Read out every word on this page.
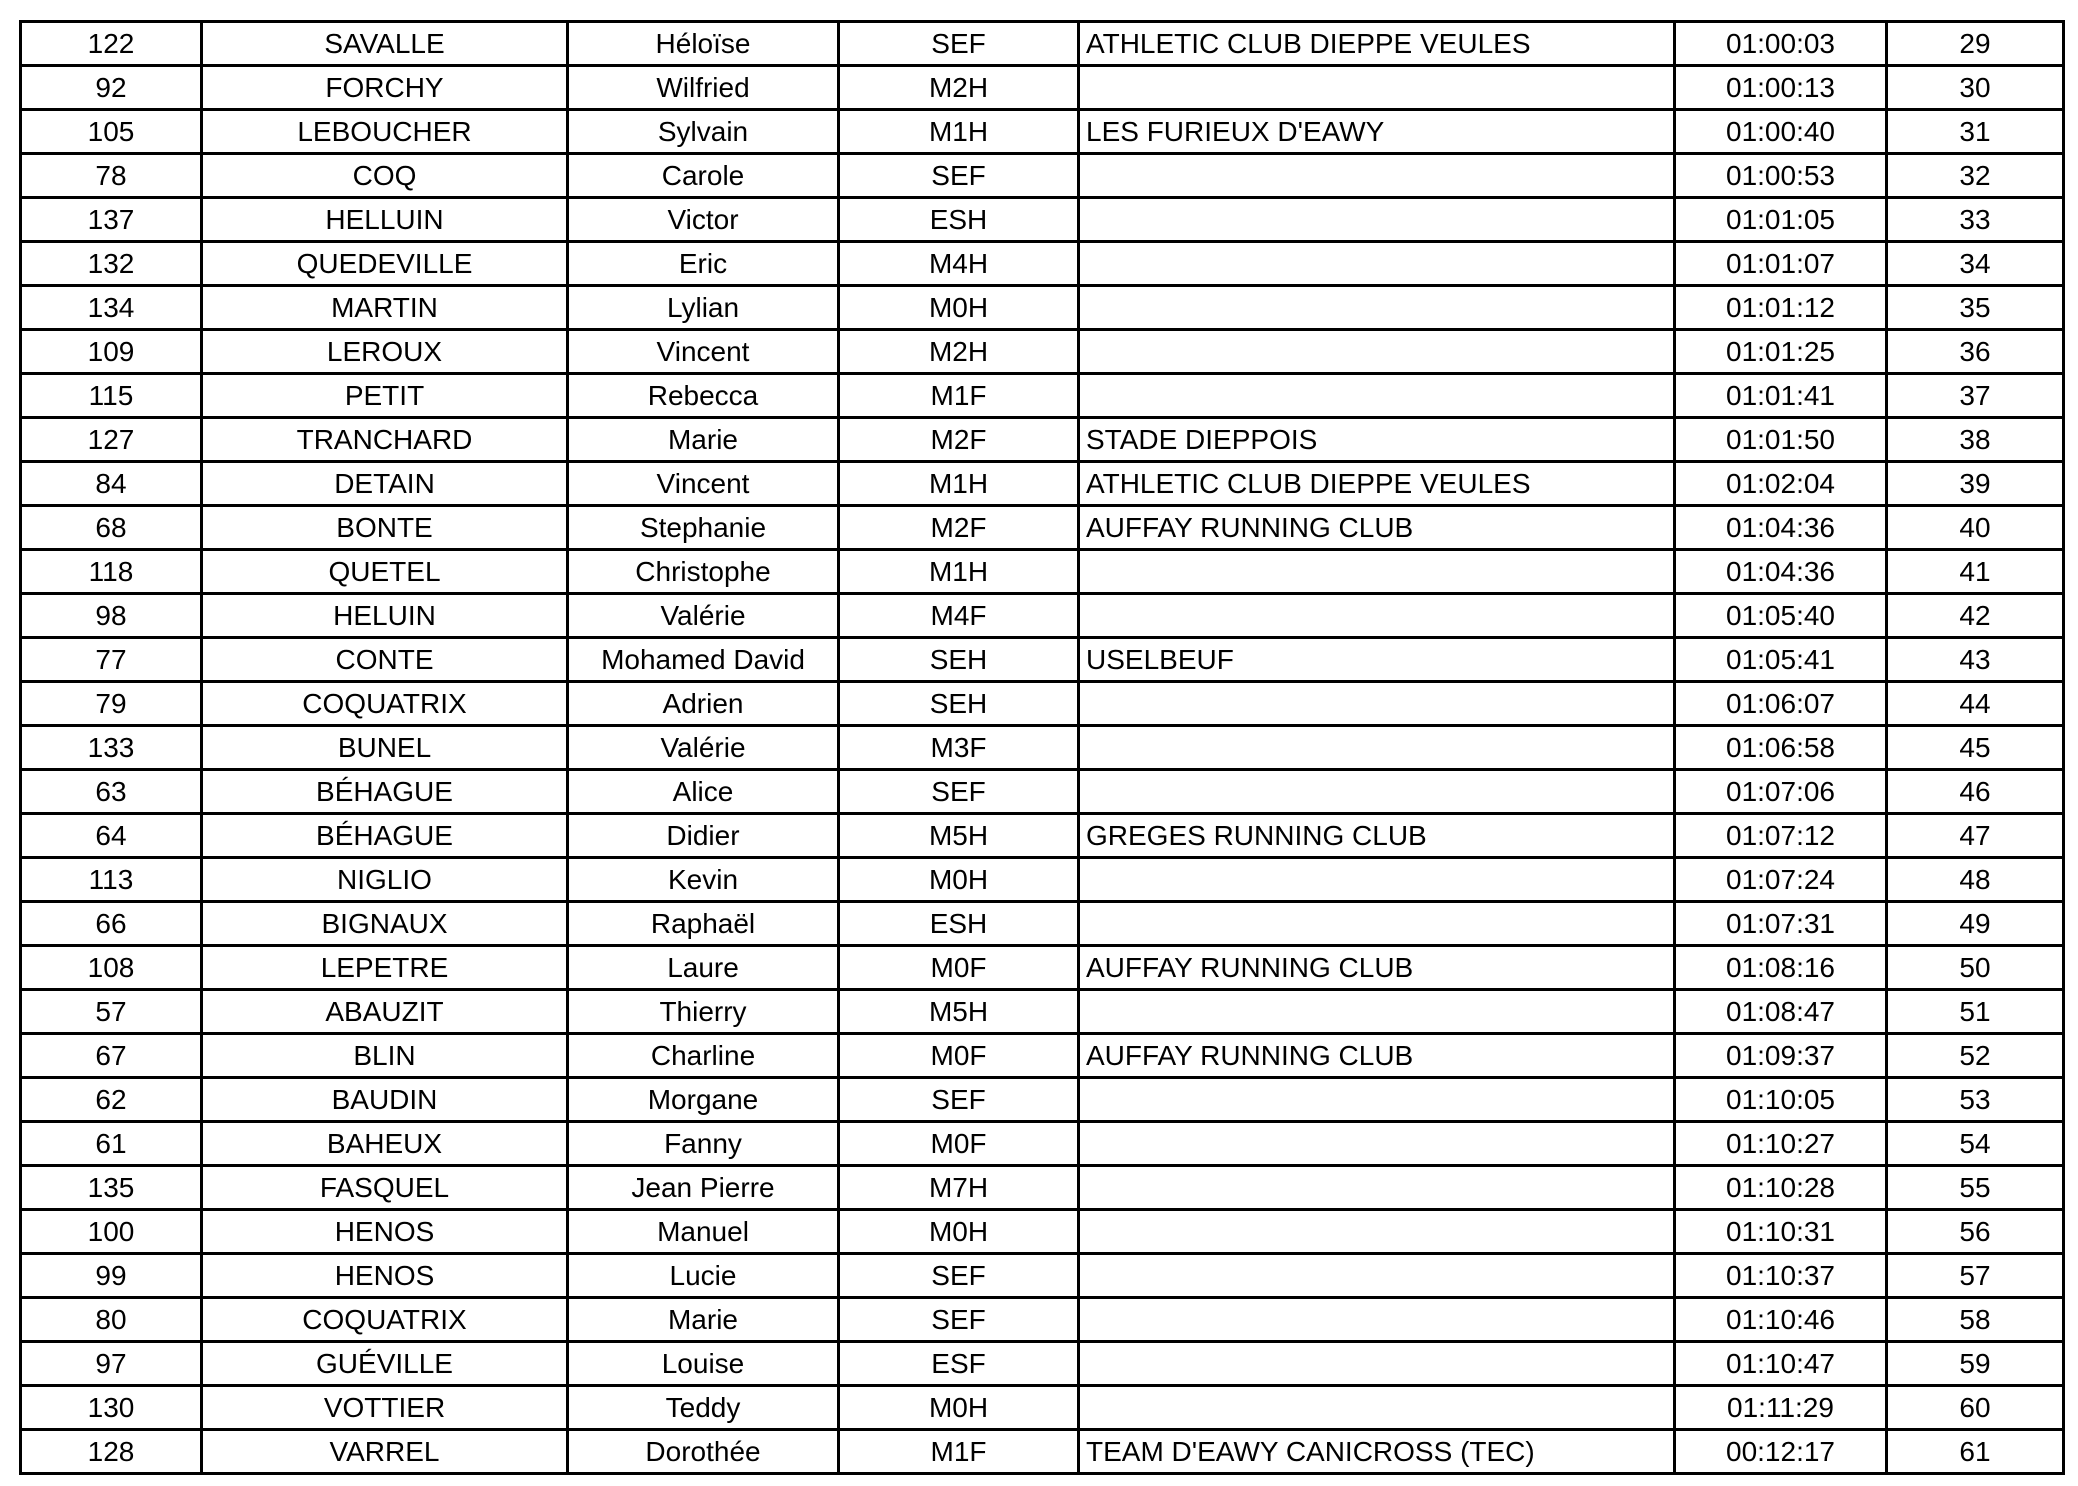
122	SAVALLE	Héloïse	SEF	ATHLETIC CLUB DIEPPE VEULES	01:00:03	29
92	FORCHY	Wilfried	M2H		01:00:13	30
105	LEBOUCHER	Sylvain	M1H	LES FURIEUX D'EAWY	01:00:40	31
78	COQ	Carole	SEF		01:00:53	32
137	HELLUIN	Victor	ESH		01:01:05	33
132	QUEDEVILLE	Eric	M4H		01:01:07	34
134	MARTIN	Lylian	M0H		01:01:12	35
109	LEROUX	Vincent	M2H		01:01:25	36
115	PETIT	Rebecca	M1F		01:01:41	37
127	TRANCHARD	Marie	M2F	STADE DIEPPOIS	01:01:50	38
84	DETAIN	Vincent	M1H	ATHLETIC CLUB DIEPPE VEULES	01:02:04	39
68	BONTE	Stephanie	M2F	AUFFAY RUNNING CLUB	01:04:36	40
118	QUETEL	Christophe	M1H		01:04:36	41
98	HELUIN	Valérie	M4F		01:05:40	42
77	CONTE	Mohamed David	SEH	USELBEUF	01:05:41	43
79	COQUATRIX	Adrien	SEH		01:06:07	44
133	BUNEL	Valérie	M3F		01:06:58	45
63	BÉHAGUE	Alice	SEF		01:07:06	46
64	BÉHAGUE	Didier	M5H	GREGES RUNNING CLUB	01:07:12	47
113	NIGLIO	Kevin	M0H		01:07:24	48
66	BIGNAUX	Raphaël	ESH		01:07:31	49
108	LEPETRE	Laure	M0F	AUFFAY RUNNING CLUB	01:08:16	50
57	ABAUZIT	Thierry	M5H		01:08:47	51
67	BLIN	Charline	M0F	AUFFAY RUNNING CLUB	01:09:37	52
62	BAUDIN	Morgane	SEF		01:10:05	53
61	BAHEUX	Fanny	M0F		01:10:27	54
135	FASQUEL	Jean Pierre	M7H		01:10:28	55
100	HENOS	Manuel	M0H		01:10:31	56
99	HENOS	Lucie	SEF		01:10:37	57
80	COQUATRIX	Marie	SEF		01:10:46	58
97	GUÉVILLE	Louise	ESF		01:10:47	59
130	VOTTIER	Teddy	M0H		01:11:29	60
128	VARREL	Dorothée	M1F	TEAM D'EAWY CANICROSS (TEC)	00:12:17	61
